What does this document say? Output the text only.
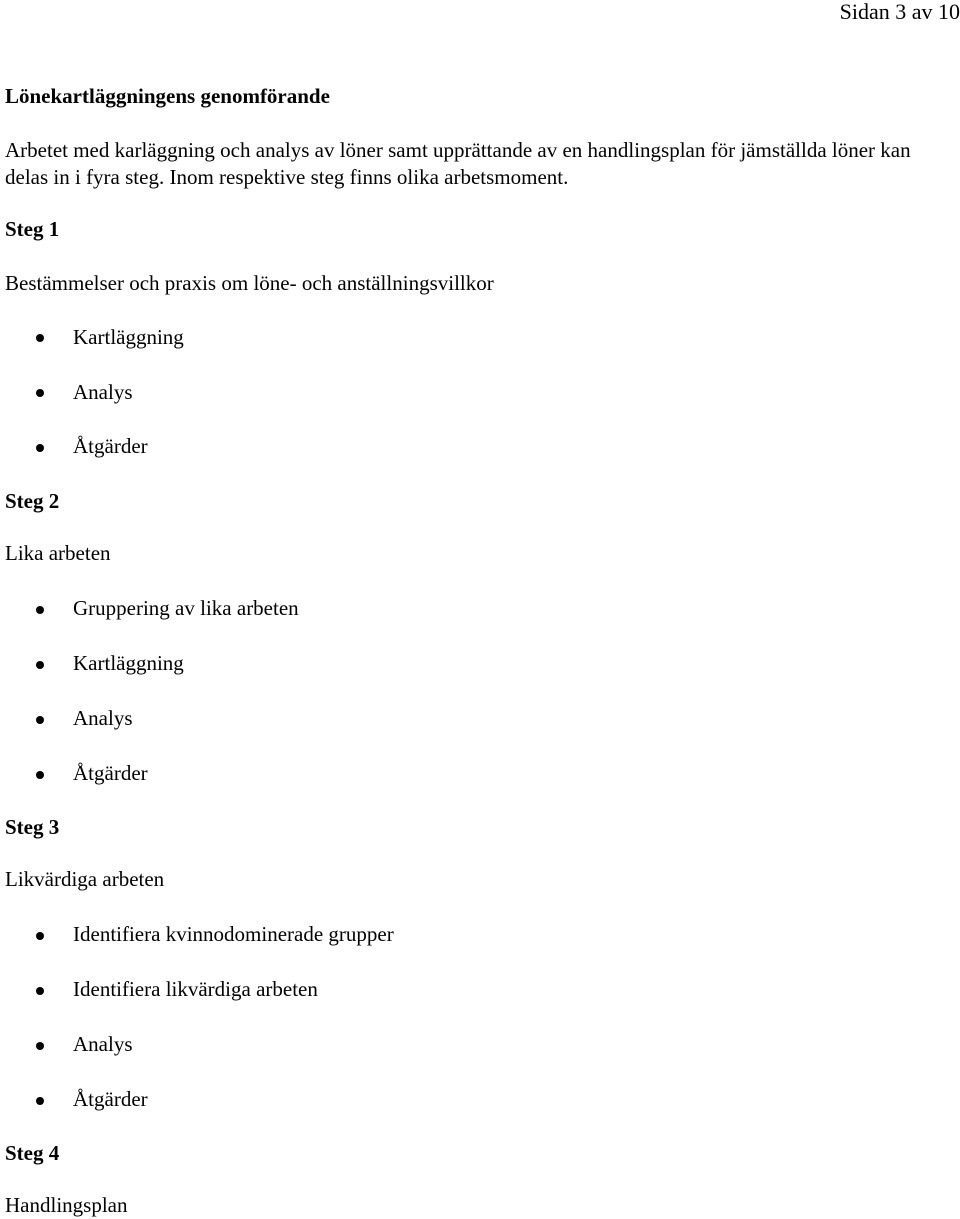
Sidan 3 av 10
Lönekartläggningens genomförande
Arbetet med karläggning och analys av löner samt upprättande av en handlingsplan för jämställda löner kan delas in i fyra steg. Inom respektive steg finns olika arbetsmoment.
Steg 1
Bestämmelser och praxis om löne- och anställningsvillkor
Kartläggning
Analys
Åtgärder
Steg 2
Lika arbeten
Gruppering av lika arbeten
Kartläggning
Analys
Åtgärder
Steg 3
Likvärdiga arbeten
Identifiera kvinnodominerade grupper
Identifiera likvärdiga arbeten
Analys
Åtgärder
Steg 4
Handlingsplan
